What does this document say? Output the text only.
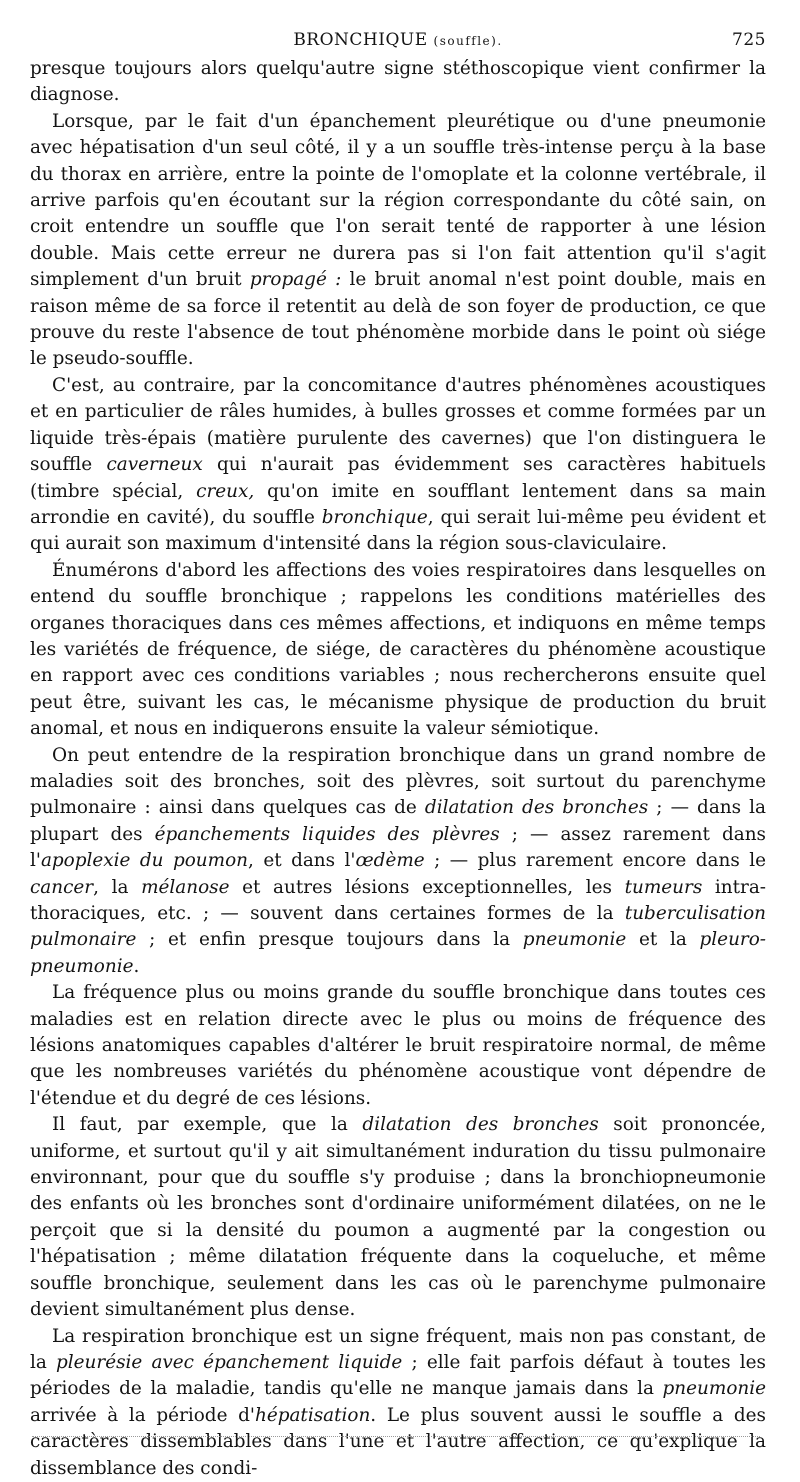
BRONCHIQUE (souffle).	725

presque toujours alors quelqu'autre signe stéthoscopique vient confirmer la diagnose.

Lorsque, par le fait d'un épanchement pleurétique ou d'une pneumonie avec hépatisation d'un seul côté, il y a un souffle très-intense perçu à la base du thorax en arrière, entre la pointe de l'omoplate et la colonne vertébrale, il arrive parfois qu'en écoutant sur la région correspondante du côté sain, on croit entendre un souffle que l'on serait tenté de rapporter à une lésion double. Mais cette erreur ne durera pas si l'on fait attention qu'il s'agit simplement d'un bruit propagé : le bruit anomal n'est point double, mais en raison même de sa force il retentit au delà de son foyer de production, ce que prouve du reste l'absence de tout phénomène morbide dans le point où siége le pseudo-souffle.

C'est, au contraire, par la concomitance d'autres phénomènes acoustiques et en particulier de râles humides, à bulles grosses et comme formées par un liquide très-épais (matière purulente des cavernes) que l'on distinguera le souffle caverneux qui n'aurait pas évidemment ses caractères habituels (timbre spécial, creux, qu'on imite en soufflant lentement dans sa main arrondie en cavité), du souffle bronchique, qui serait lui-même peu évident et qui aurait son maximum d'intensité dans la région sous-claviculaire.

Énumérons d'abord les affections des voies respiratoires dans lesquelles on entend du souffle bronchique ; rappelons les conditions matérielles des organes thoraciques dans ces mêmes affections, et indiquons en même temps les variétés de fréquence, de siége, de caractères du phénomène acoustique en rapport avec ces conditions variables ; nous rechercherons ensuite quel peut être, suivant les cas, le mécanisme physique de production du bruit anomal, et nous en indiquerons ensuite la valeur sémiotique.

On peut entendre de la respiration bronchique dans un grand nombre de maladies soit des bronches, soit des plèvres, soit surtout du parenchyme pulmonaire : ainsi dans quelques cas de dilatation des bronches ; — dans la plupart des épanchements liquides des plèvres ; — assez rarement dans l'apoplexie du poumon, et dans l'œdème ; — plus rarement encore dans le cancer, la mélanose et autres lésions exceptionnelles, les tumeurs intra-thoraciques, etc. ; — souvent dans certaines formes de la tuberculisation pulmonaire ; et enfin presque toujours dans la pneumonie et la pleuro-pneumonie.

La fréquence plus ou moins grande du souffle bronchique dans toutes ces maladies est en relation directe avec le plus ou moins de fréquence des lésions anatomiques capables d'altérer le bruit respiratoire normal, de même que les nombreuses variétés du phénomène acoustique vont dépendre de l'étendue et du degré de ces lésions.

Il faut, par exemple, que la dilatation des bronches soit prononcée, uniforme, et surtout qu'il y ait simultanément induration du tissu pulmonaire environnant, pour que du souffle s'y produise ; dans la bronchiopneumonie des enfants où les bronches sont d'ordinaire uniformément dilatées, on ne le perçoit que si la densité du poumon a augmenté par la congestion ou l'hépatisation ; même dilatation fréquente dans la coqueluche, et même souffle bronchique, seulement dans les cas où le parenchyme pulmonaire devient simultanément plus dense.

La respiration bronchique est un signe fréquent, mais non pas constant, de la pleurésie avec épanchement liquide ; elle fait parfois défaut à toutes les périodes de la maladie, tandis qu'elle ne manque jamais dans la pneumonie arrivée à la période d'hépatisation. Le plus souvent aussi le souffle a des caractères dissemblables dans l'une et l'autre affection, ce qu'explique la dissemblance des condi-
